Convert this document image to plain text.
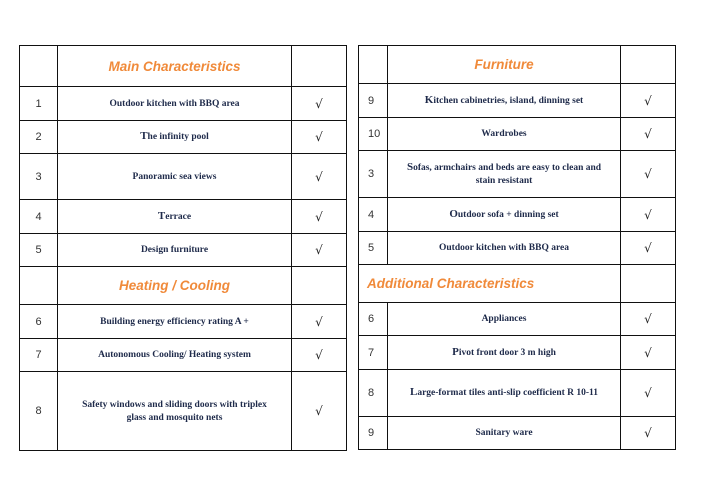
	Main Characteristics	
1	Outdoor kitchen with BBQ area	√
2	The infinity pool	√
3	Panoramic sea views	√
4	Terrace	√
5	Design furniture	√
	Heating / Cooling	
6	Building energy efficiency rating A +	√
7	Autonomous Cooling/ Heating system	√
8	Safety windows and sliding doors with triplex glass and mosquito nets	√
	Furniture	
9	Kitchen cabinetries, island, dinning set	√
10	Wardrobes	√
3	Sofas, armchairs and beds are easy to clean and stain resistant	√
4	Outdoor sofa + dinning set	√
5	Outdoor kitchen with BBQ area	√
Additional Characteristics		
6	Appliances	√
7	Pivot front door 3 m high	√
8	Large-format tiles anti-slip coefficient R 10-11	√
9	Sanitary ware	√
